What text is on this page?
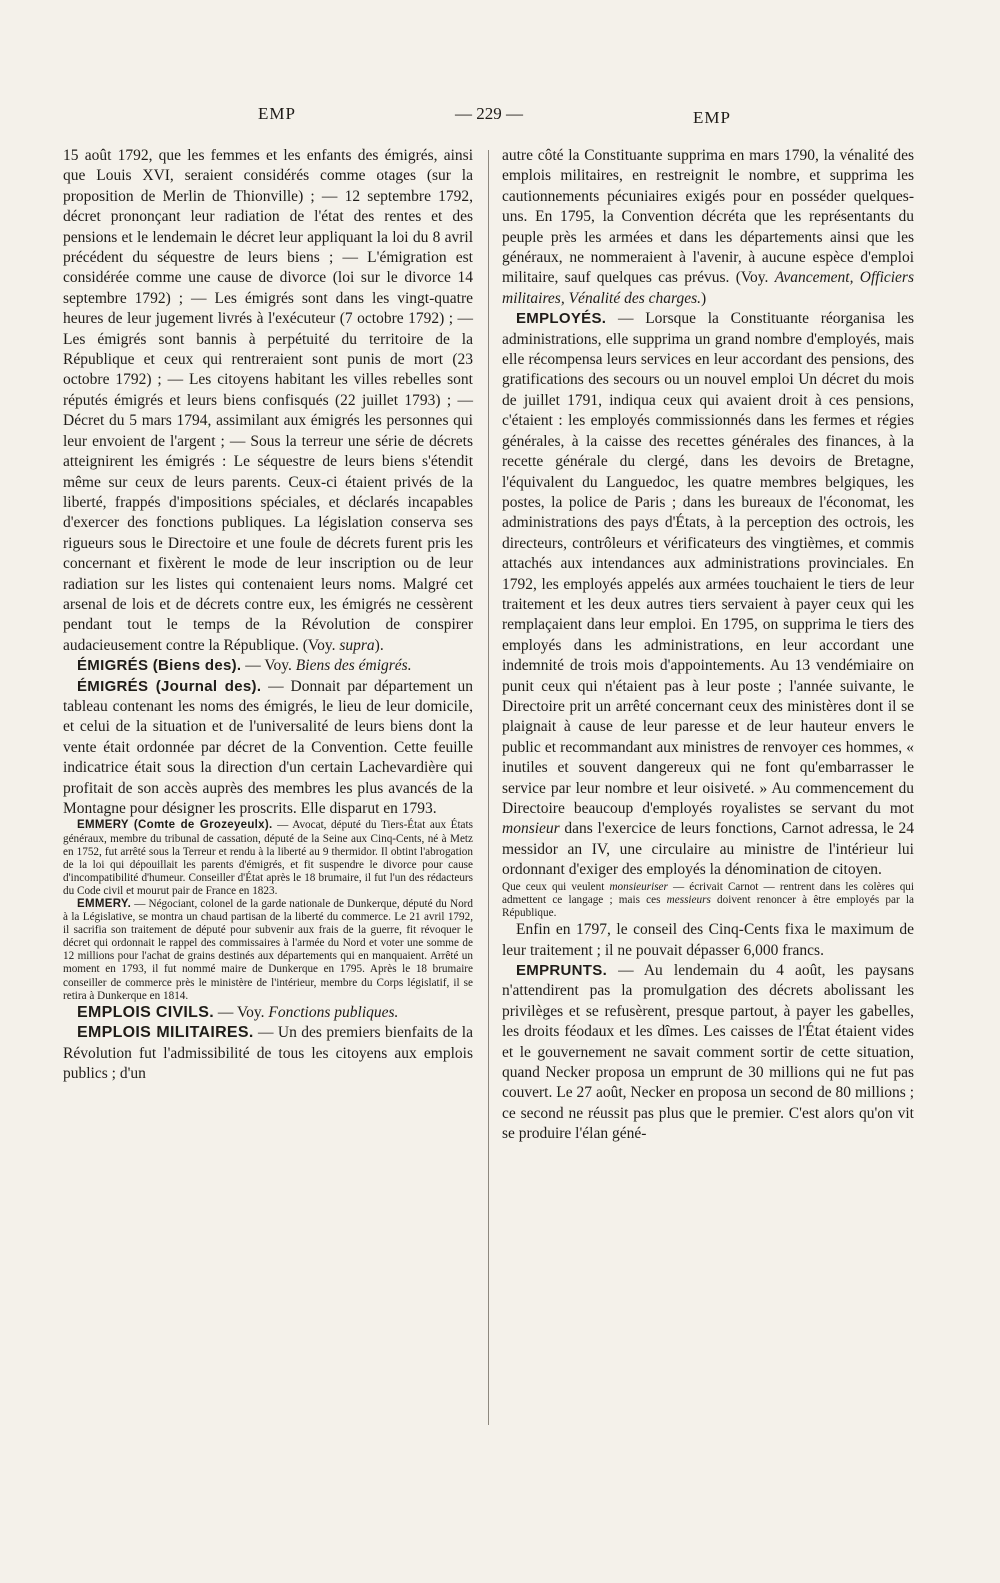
EMP	— 229 —	EMP

15 août 1792, que les femmes et les enfants des émigrés, ainsi que Louis XVI, seraient considérés comme otages (sur la proposition de Merlin de Thionville) ; — 12 septembre 1792, décret prononçant leur radiation de l'état des rentes et des pensions et le lendemain le décret leur appliquant la loi du 8 avril précédent du séquestre de leurs biens ; — L'émigration est considérée comme une cause de divorce (loi sur le divorce 14 septembre 1792) ; — Les émigrés sont dans les vingt-quatre heures de leur jugement livrés à l'exécuteur (7 octobre 1792) ; — Les émigrés sont bannis à perpétuité du territoire de la République et ceux qui rentreraient sont punis de mort (23 octobre 1792) ; — Les citoyens habitant les villes rebelles sont réputés émigrés et leurs biens confisqués (22 juillet 1793) ; — Décret du 5 mars 1794, assimilant aux émigrés les personnes qui leur envoient de l'argent ; — Sous la terreur une série de décrets atteignirent les émigrés : Le séquestre de leurs biens s'étendit même sur ceux de leurs parents. Ceux-ci étaient privés de la liberté, frappés d'impositions spéciales, et déclarés incapables d'exercer des fonctions publiques. La législation conserva ses rigueurs sous le Directoire et une foule de décrets furent pris les concernant et fixèrent le mode de leur inscription ou de leur radiation sur les listes qui contenaient leurs noms. Malgré cet arsenal de lois et de décrets contre eux, les émigrés ne cessèrent pendant tout le temps de la Révolution de conspirer audacieusement contre la République. (Voy. supra).

ÉMIGRÉS (Biens des). — Voy. Biens des émigrés.

ÉMIGRÉS (Journal des). — Donnait par département un tableau contenant les noms des émigrés, le lieu de leur domicile, et celui de la situation et de l'universalité de leurs biens dont la vente était ordonnée par décret de la Convention. Cette feuille indicatrice était sous la direction d'un certain Lachevardière qui profitait de son accès auprès des membres les plus avancés de la Montagne pour désigner les proscrits. Elle disparut en 1793.

EMMERY (Comte de Grozeyeulx). — Avocat, député du Tiers-État aux États généraux, membre du tribunal de cassation, député de la Seine aux Cinq-Cents, né à Metz en 1752, fut arrêté sous la Terreur et rendu à la liberté au 9 thermidor. Il obtint l'abrogation de la loi qui dépouillait les parents d'émigrés, et fit suspendre le divorce pour cause d'incompatibilité d'humeur. Conseiller d'État après le 18 brumaire, il fut l'un des rédacteurs du Code civil et mourut pair de France en 1823.

EMMERY. — Négociant, colonel de la garde nationale de Dunkerque, député du Nord à la Législative, se montra un chaud partisan de la liberté du commerce. Le 21 avril 1792, il sacrifia son traitement de député pour subvenir aux frais de la guerre, fit révoquer le décret qui ordonnait le rappel des commissaires à l'armée du Nord et voter une somme de 12 millions pour l'achat de grains destinés aux départements qui en manquaient. Arrêté un moment en 1793, il fut nommé maire de Dunkerque en 1795. Après le 18 brumaire conseiller de commerce près le ministère de l'intérieur, membre du Corps législatif, il se retira à Dunkerque en 1814.

EMPLOIS CIVILS. — Voy. Fonctions publiques.

EMPLOIS MILITAIRES. — Un des premiers bienfaits de la Révolution fut l'admissibilité de tous les citoyens aux emplois publics ; d'un

autre côté la Constituante supprima en mars 1790, la vénalité des emplois militaires, en restreignit le nombre, et supprima les cautionnements pécuniaires exigés pour en posséder quelques-uns. En 1795, la Convention décréta que les représentants du peuple près les armées et dans les départements ainsi que les généraux, ne nommeraient à l'avenir, à aucune espèce d'emploi militaire, sauf quelques cas prévus. (Voy. Avancement, Officiers militaires, Vénalité des charges.)

EMPLOYÉS. — Lorsque la Constituante réorganisa les administrations, elle supprima un grand nombre d'employés, mais elle récompensa leurs services en leur accordant des pensions, des gratifications des secours ou un nouvel emploi Un décret du mois de juillet 1791, indiqua ceux qui avaient droit à ces pensions, c'étaient : les employés commissionnés dans les fermes et régies générales, à la caisse des recettes générales des finances, à la recette générale du clergé, dans les devoirs de Bretagne, l'équivalent du Languedoc, les quatre membres belgiques, les postes, la police de Paris ; dans les bureaux de l'économat, les administrations des pays d'États, à la perception des octrois, les directeurs, contrôleurs et vérificateurs des vingtièmes, et commis attachés aux intendances aux administrations provinciales. En 1792, les employés appelés aux armées touchaient le tiers de leur traitement et les deux autres tiers servaient à payer ceux qui les remplaçaient dans leur emploi. En 1795, on supprima le tiers des employés dans les administrations, en leur accordant une indemnité de trois mois d'appointements. Au 13 vendémiaire on punit ceux qui n'étaient pas à leur poste ; l'année suivante, le Directoire prit un arrêté concernant ceux des ministères dont il se plaignait à cause de leur paresse et de leur hauteur envers le public et recommandant aux ministres de renvoyer ces hommes, « inutiles et souvent dangereux qui ne font qu'embarrasser le service par leur nombre et leur oisiveté. » Au commencement du Directoire beaucoup d'employés royalistes se servant du mot monsieur dans l'exercice de leurs fonctions, Carnot adressa, le 24 messidor an IV, une circulaire au ministre de l'intérieur lui ordonnant d'exiger des employés la dénomination de citoyen.

Que ceux qui veulent monsieuriser — écrivait Carnot — rentrent dans les colères qui admettent ce langage ; mais ces messieurs doivent renoncer à être employés par la République.

Enfin en 1797, le conseil des Cinq-Cents fixa le maximum de leur traitement ; il ne pouvait dépasser 6,000 francs.

EMPRUNTS. — Au lendemain du 4 août, les paysans n'attendirent pas la promulgation des décrets abolissant les privilèges et se refusèrent, presque partout, à payer les gabelles, les droits féodaux et les dîmes. Les caisses de l'État étaient vides et le gouvernement ne savait comment sortir de cette situation, quand Necker proposa un emprunt de 30 millions qui ne fut pas couvert. Le 27 août, Necker en proposa un second de 80 millions ; ce second ne réussit pas plus que le premier. C'est alors qu'on vit se produire l'élan géné-
